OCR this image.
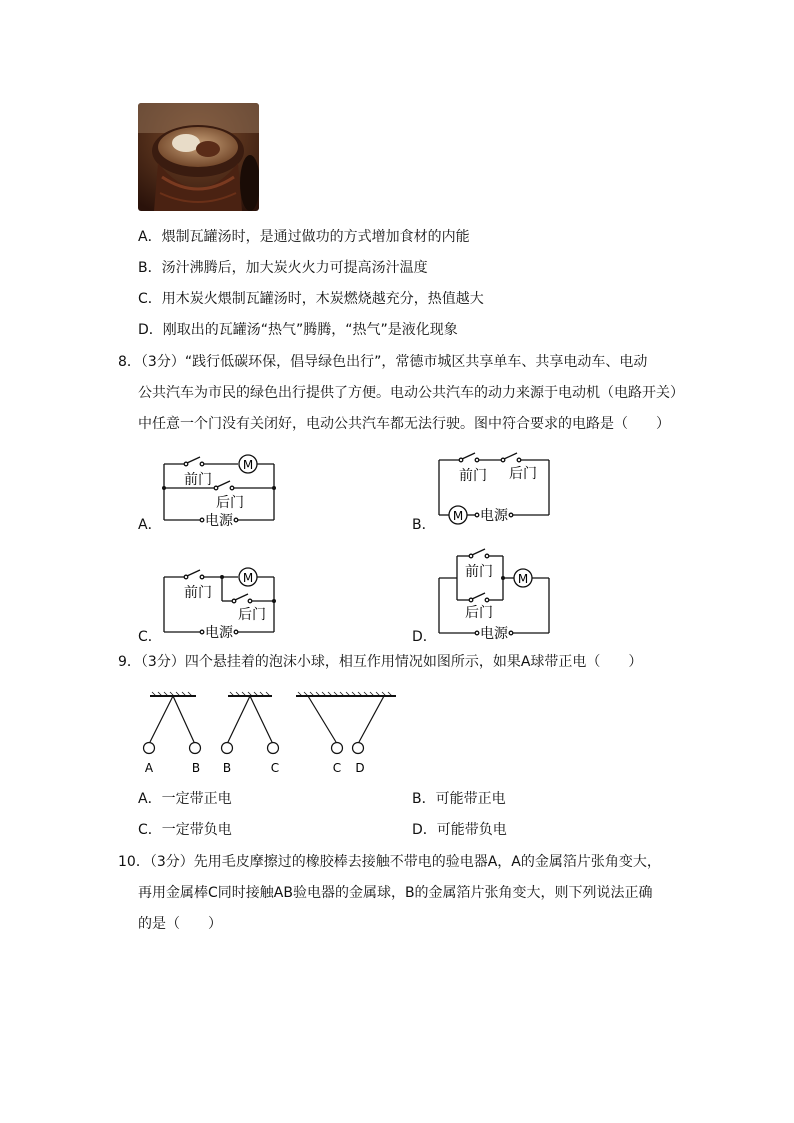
A．煨制瓦罐汤时，是通过做功的方式增加食材的内能
B．汤汁沸腾后，加大炭火火力可提高汤汁温度
C．用木炭火煨制瓦罐汤时，木炭燃烧越充分，热值越大
D．刚取出的瓦罐汤“热气”腾腾，“热气”是液化现象
8．（3分）“践行低碳环保，倡导绿色出行”，常德市城区共享单车、共享电动车、电动
公共汽车为市民的绿色出行提供了方便。电动公共汽车的动力来源于电动机（电路开关）
中任意一个门没有关闭好，电动公共汽车都无法行驶。图中符合要求的电路是（　　）
A．
M
前门
后门
电源	B．
M
前门 后门
电源
C．
M
前门
后门
电源	D．
M
前门
后门
电源
9．（3分）四个悬挂着的泡沫小球，相互作用情况如图所示，如果A球带正电（　　）
A	B B	C	C D
A．一定带正电	B．可能带正电
C．一定带负电	D．可能带负电
10．（3分）先用毛皮摩擦过的橡胶棒去接触不带电的验电器A，A的金属箔片张角变大，
再用金属棒C同时接触AB验电器的金属球，B的金属箔片张角变大，则下列说法正确
的是（　　）
